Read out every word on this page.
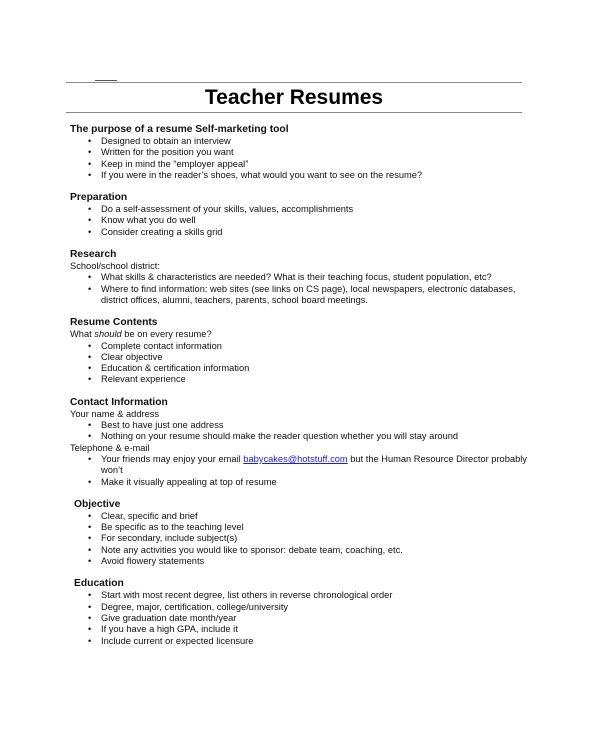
Teacher Resumes
The purpose of a resume Self-marketing tool
• Designed to obtain an interview
• Written for the position you want
• Keep in mind the “employer appeal”
• If you were in the reader’s shoes, what would you want to see on the resume?
Preparation
• Do a self-assessment of your skills, values, accomplishments
• Know what you do well
• Consider creating a skills grid
Research
School/school district:
• What skills & characteristics are needed? What is their teaching focus, student population, etc?
• Where to find information: web sites (see links on CS page), local newspapers, electronic databases, district offices, alumni, teachers, parents, school board meetings.
Resume Contents
What should be on every resume?
• Complete contact information
• Clear objective
• Education & certification information
• Relevant experience
Contact Information
Your name & address
• Best to have just one address
• Nothing on your resume should make the reader question whether you will stay around
Telephone & e-mail
• Your friends may enjoy your email babycakes@hotstuff.com but the Human Resource Director probably won’t
• Make it visually appealing at top of resume
Objective
• Clear, specific and brief
• Be specific as to the teaching level
• For secondary, include subject(s)
• Note any activities you would like to sponsor: debate team, coaching, etc.
• Avoid flowery statements
Education
• Start with most recent degree, list others in reverse chronological order
• Degree, major, certification, college/university
• Give graduation date month/year
• If you have a high GPA, include it
• Include current or expected licensure
